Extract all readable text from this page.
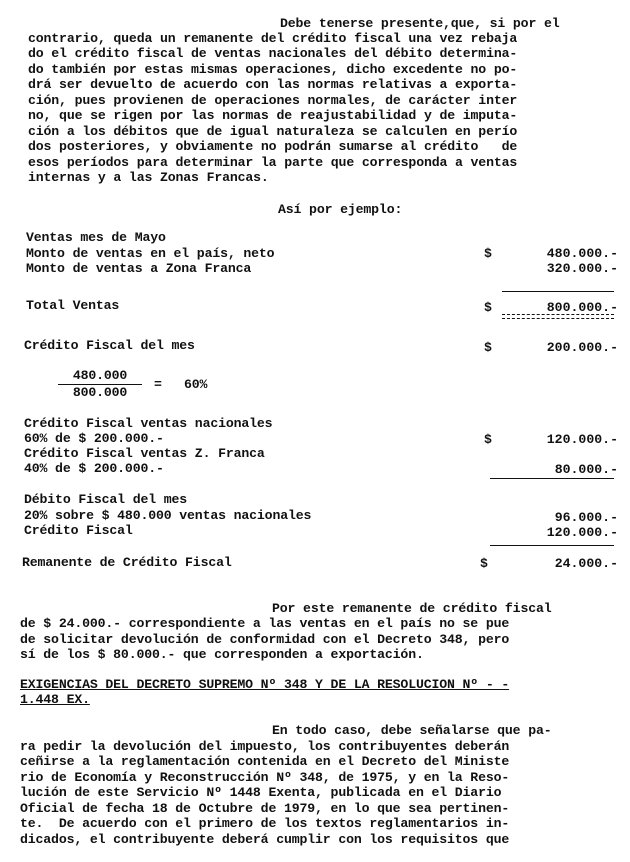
Debe tenerse presente,que, si por el
contrario, queda un remanente del crédito fiscal una vez rebaja
do el crédito fiscal de ventas nacionales del débito determina-
do también por estas mismas operaciones, dicho excedente no po-
drá ser devuelto de acuerdo con las normas relativas a exporta-
ción, pues provienen de operaciones normales, de carácter inter
no, que se rigen por las normas de reajustabilidad y de imputa-
ción a los débitos que de igual naturaleza se calculen en perío
dos posteriores, y obviamente no podrán sumarse al crédito   de
esos períodos para determinar la parte que corresponda a ventas
internas y a las Zonas Francas.
Así por ejemplo:
Ventas mes de Mayo
Monto de ventas en el país, neto	$	480.000.-
Monto de ventas a Zona Franca	320.000.-
Total Ventas	$	800.000.-
Crédito Fiscal del mes	$	200.000.-
480.000
800.000
= 60%
Crédito Fiscal ventas nacionales
60% de $ 200.000.-	$	120.000.-
Crédito Fiscal ventas Z. Franca
40% de $ 200.000.-	80.000.-
Débito Fiscal del mes
20% sobre $ 480.000 ventas nacionales	96.000.-
Crédito Fiscal	120.000.-
Remanente de Crédito Fiscal	$	24.000.-
Por este remanente de crédito fiscal
de $ 24.000.- correspondiente a las ventas en el país no se pue
de solicitar devolución de conformidad con el Decreto 348, pero
sí de los $ 80.000.- que corresponden a exportación.
EXIGENCIAS DEL DECRETO SUPREMO Nº 348 Y DE LA RESOLUCION Nº - -
1.448 EX.
En todo caso, debe señalarse que pa-
ra pedir la devolución del impuesto, los contribuyentes deberán
ceñirse a la reglamentación contenida en el Decreto del Ministe
rio de Economía y Reconstrucción Nº 348, de 1975, y en la Reso-
lución de este Servicio Nº 1448 Exenta, publicada en el Diario
Oficial de fecha 18 de Octubre de 1979, en lo que sea pertinen-
te.  De acuerdo con el primero de los textos reglamentarios in-
dicados, el contribuyente deberá cumplir con los requisitos que
